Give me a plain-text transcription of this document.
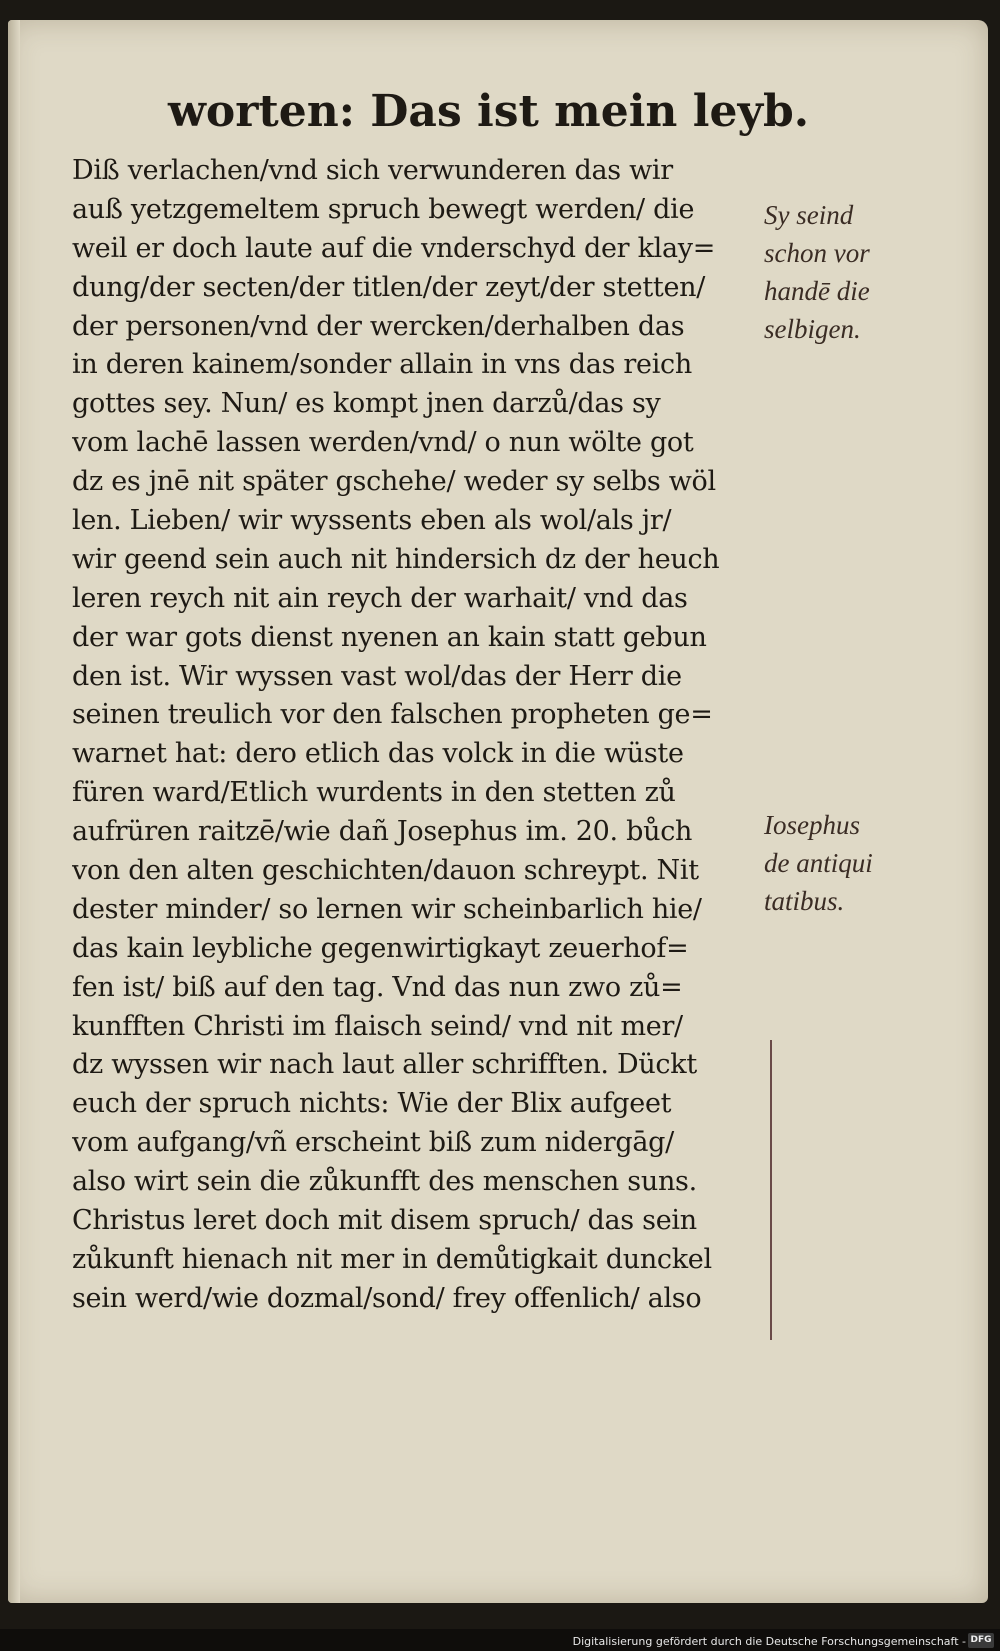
worten: Das ist mein leyb.
Diß verlachen/vnd sich verwunderen das wir
auß yetzgemeltem spruch bewegt werden/ die
weil er doch laute auf die vnderschyd der klay=
dung/der secten/der titlen/der zeyt/der stetten/
der personen/vnd der wercken/derhalben das
in deren kainem/sonder allain in vns das reich
gottes sey. Nun/ es kompt jnen darzů/das sy
vom lachē lassen werden/vnd/ o nun wölte got
dz es jnē nit später gschehe/ weder sy selbs wöl
len. Lieben/ wir wyssents eben als wol/als jr/
wir geend sein auch nit hindersich dz der heuch
leren reych nit ain reych der warhait/ vnd das
der war gots dienst nyenen an kain statt gebun
den ist. Wir wyssen vast wol/das der Herr die
seinen treulich vor den falschen propheten ge=
warnet hat: dero etlich das volck in die wüste
füren ward/Etlich wurdents in den stetten zů
aufrüren raitzē/wie dañ Josephus im. 20. bůch
von den alten geschichten/dauon schreypt. Nit
dester minder/ so lernen wir scheinbarlich hie/
das kain leybliche gegenwirtigkayt zeuerhof=
fen ist/ biß auf den tag. Vnd das nun zwo zů=
kunfften Christi im flaisch seind/ vnd nit mer/
dz wyssen wir nach laut aller schrifften. Dückt
euch der spruch nichts: Wie der Blix aufgeet
vom aufgang/vñ erscheint biß zum nidergāg/
also wirt sein die zůkunfft des menschen suns.
Christus leret doch mit disem spruch/ das sein
zůkunft hienach nit mer in demůtigkait dunckel
sein werd/wie dozmal/sond/ frey offenlich/ also
Sy seind
schon vor
handē die
selbigen.
Iosephus
de antiqui
tatibus.
Digitalisierung gefördert durch die Deutsche Forschungsgemeinschaft - DFG
